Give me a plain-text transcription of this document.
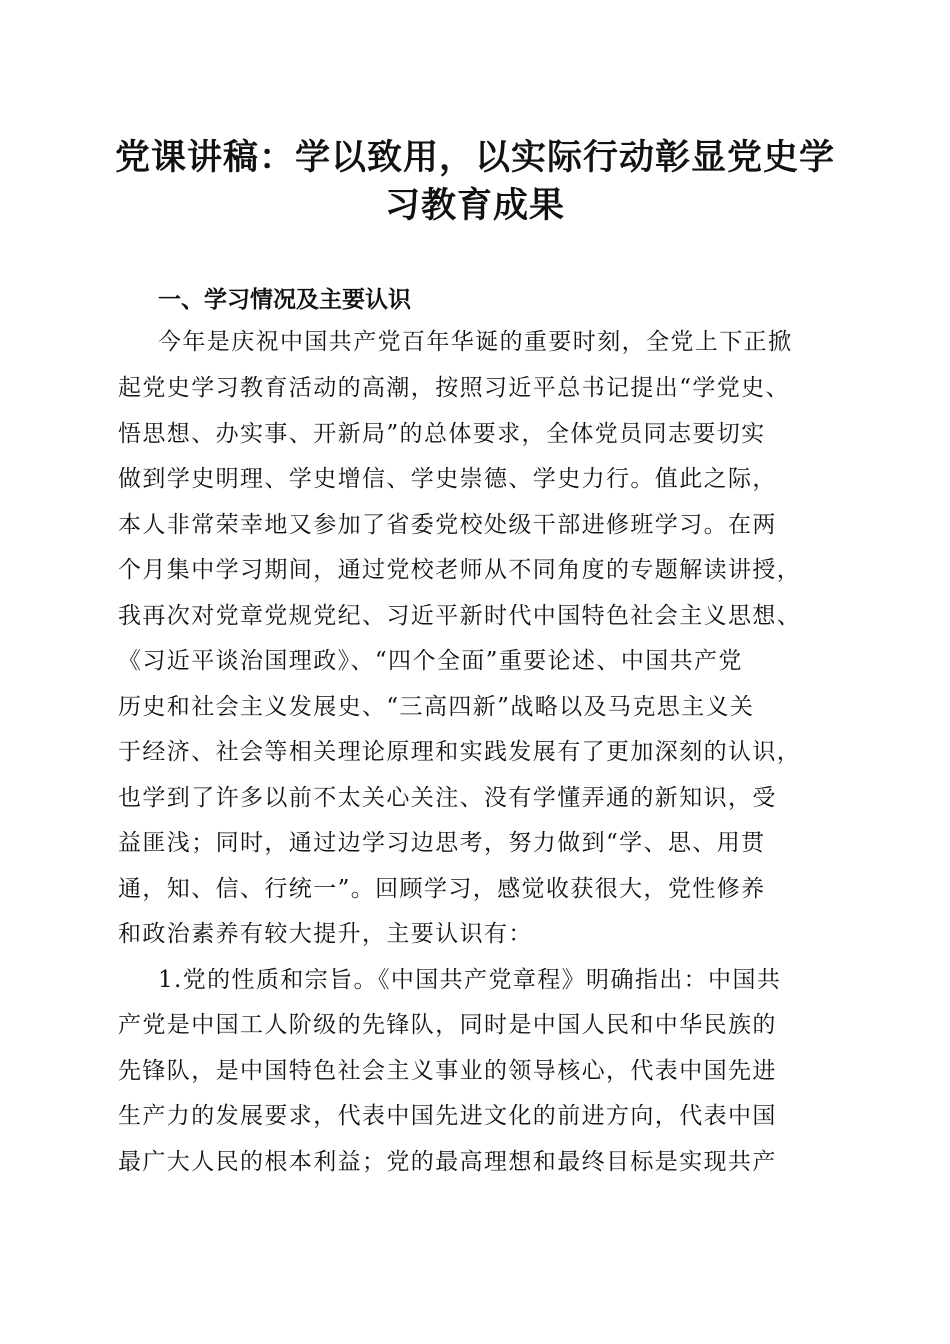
党课讲稿：学以致用，以实际行动彰显党史学
习教育成果
一、学习情况及主要认识

今年是庆祝中国共产党百年华诞的重要时刻，全党上下正掀

起党史学习教育活动的高潮，按照习近平总书记提出“学党史、

悟思想、办实事、开新局”的总体要求，全体党员同志要切实

做到学史明理、学史增信、学史崇德、学史力行。值此之际，

本人非常荣幸地又参加了省委党校处级干部进修班学习。在两

个月集中学习期间，通过党校老师从不同角度的专题解读讲授，

我再次对党章党规党纪、习近平新时代中国特色社会主义思想、

《习近平谈治国理政》、“四个全面”重要论述、中国共产党

历史和社会主义发展史、“三高四新”战略以及马克思主义关

于经济、社会等相关理论原理和实践发展有了更加深刻的认识，

也学到了许多以前不太关心关注、没有学懂弄通的新知识，受

益匪浅；同时，通过边学习边思考，努力做到“学、思、用贯

通，知、信、行统一”。回顾学习，感觉收获很大，党性修养

和政治素养有较大提升，主要认识有：

1.党的性质和宗旨。《中国共产党章程》明确指出：中国共

产党是中国工人阶级的先锋队，同时是中国人民和中华民族的

先锋队，是中国特色社会主义事业的领导核心，代表中国先进

生产力的发展要求，代表中国先进文化的前进方向，代表中国

最广大人民的根本利益；党的最高理想和最终目标是实现共产
